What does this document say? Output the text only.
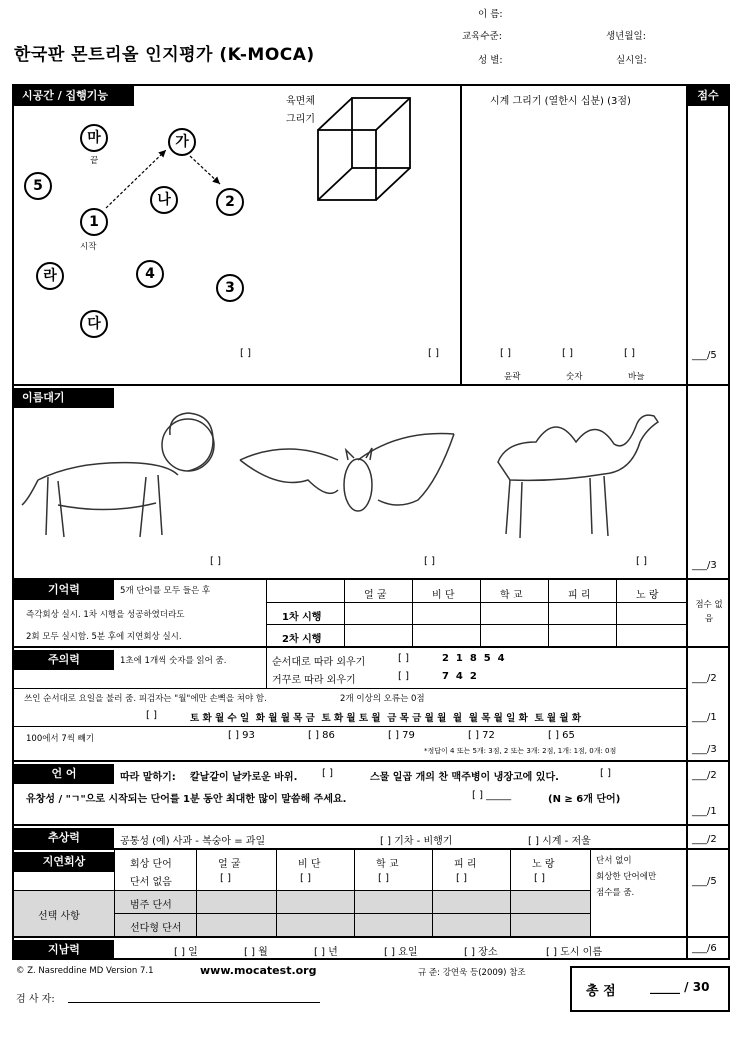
한국판 몬트리올 인지평가 (K-MOCA)
이 름:
교육수준:	생년월일:
성 별:	실시일:
시공간 / 집행기능	점수
마
끝
가
5
나	2
1
시작
라	4
3
다
[ ]
육면체
그리기
[ ]
시계 그리기 (열한시 십분) (3점)
[ ]	[ ]	[ ]
윤곽	숫자	바늘
___/5
이름대기
[ ]	[ ]	[ ]	___/3
기억력	5개 단어를 모두 들은 후
즉각회상 실시. 1차 시행을 성공하였더라도
2회 모두 실시함. 5분 후에 지연회상 실시.
얼 굴	비 단	학 교	피 리	노 랑
1차 시행
2차 시행
점수 없음
주의력	1초에 1개씩 숫자를 읽어 줌.	순서대로 따라 외우기	[ ]	2  1  8  5  4
거꾸로 따라 외우기	[ ]	7  4  2	___/2
쓰인 순서대로 요일을 불러 줌. 피검자는 "월"에만 손뼉을 쳐야 함.	2개 이상의 오류는 0점
[ ]	토 화 월 수 일  화 월 월 목 금  토 화 월 토 월  금 목 금 월 월  월  월 목 월 일 화  토 월 월 화	___/1
100에서 7씩 빼기	[ ] 93	[ ] 86	[ ] 79	[ ] 72	[ ] 65
*정답이 4 또는 5개: 3점, 2 또는 3개: 2점, 1개: 1점, 0개: 0점	___/3
언 어	따라 말하기: 칼날같이 날카로운 바위. [ ]	스물 일곱 개의 찬 맥주병이 냉장고에 있다.	[ ]	___/2
유창성 / "ㄱ"으로 시작되는 단어를 1분 동안 최대한 많이 말씀해 주세요.	[ ] _____	(N ≥ 6개 단어)
___/1
추상력	공통성 (예) 사과 - 복숭아 = 과일	[ ] 기차 - 비행기	[ ] 시계 - 저울	___/2
지연회상	회상 단어
단서 없음
얼 굴	비 단	학 교	피 리	노 랑
[ ]	[ ]	[ ]	[ ]	[ ]
선택 사항
범주 단서
선다형 단서
단서 없이
회상한 단어에만
점수를 줌.
___/5
지남력	[ ] 일	[ ] 월	[ ] 년	[ ] 요일	[ ] 장소	[ ] 도시 이름	___/6
© Z. Nasreddine MD Version 7.1	www.mocatest.org	규 준: 강연욱 등(2009) 참조
검 사 자:
총 점	_____ / 30
